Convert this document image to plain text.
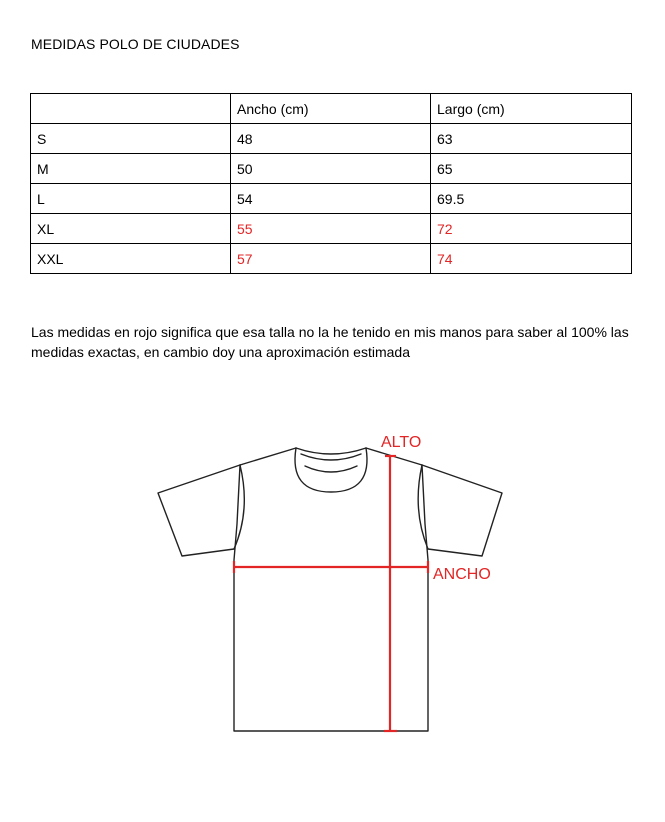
MEDIDAS POLO DE CIUDADES
	Ancho (cm)	Largo (cm)
S	48	63
M	50	65
L	54	69.5
XL	55	72
XXL	57	74
Las medidas en rojo significa que esa talla no la he tenido en mis manos para saber al 100% las medidas exactas, en cambio doy una aproximación estimada
ALTO
ANCHO
